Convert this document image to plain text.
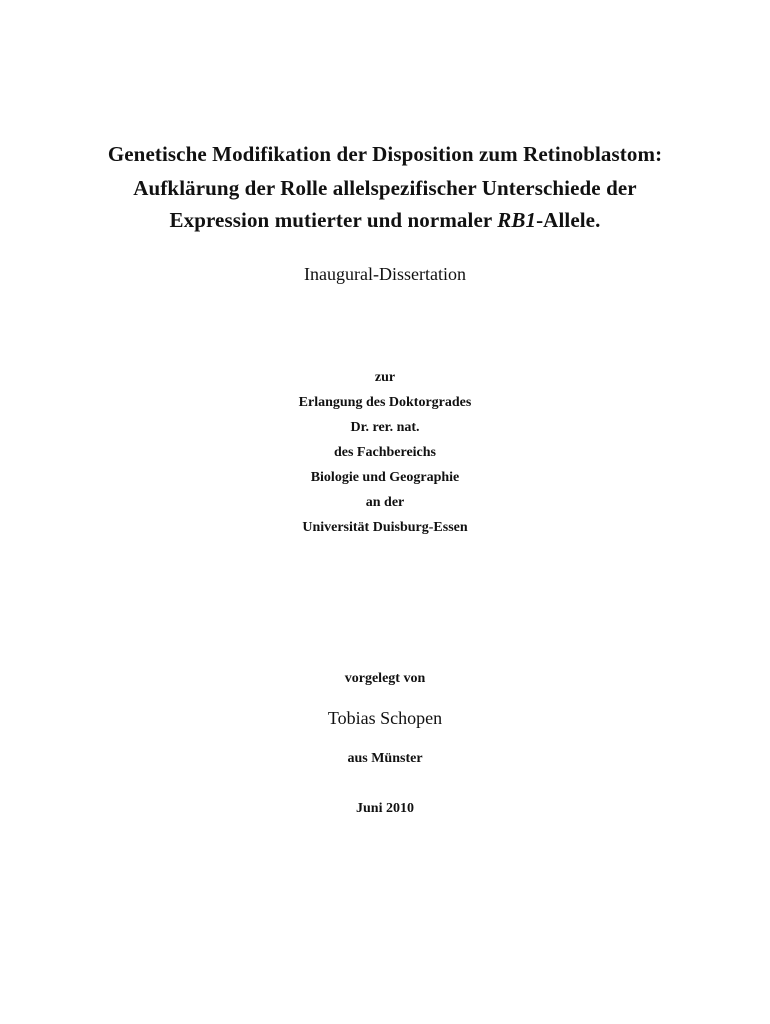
Genetische Modifikation der Disposition zum Retinoblastom:
Aufklärung der Rolle allelspezifischer Unterschiede der
Expression mutierter und normaler RB1-Allele.
Inaugural-Dissertation
zur
Erlangung des Doktorgrades
Dr. rer. nat.
des Fachbereichs
Biologie und Geographie
an der
Universität Duisburg-Essen
vorgelegt von
Tobias Schopen
aus Münster
Juni 2010
